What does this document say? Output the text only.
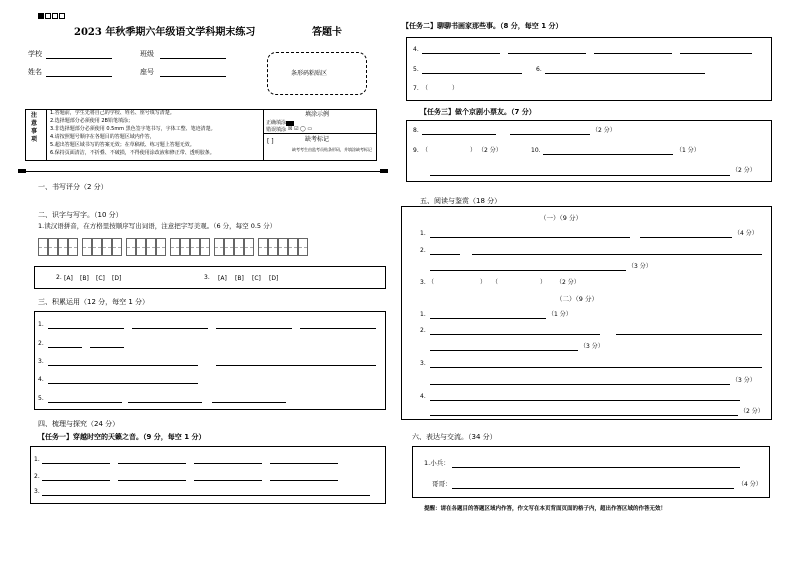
2023 年秋季期六年级语文学科期末练习	答题卡
学校	班级
姓名	座号	条形码粘贴区
注意事项
1.答题前，学生先将自己的学校、姓名、座号填写清楚。
2.选择题部分必须使用 2B铅笔填涂；
3.非选择题部分必须使用 0.5mm 黑色签字笔书写，字体工整、笔迹清楚。
4.请按照题号顺序在各题目的答题区域内作答，
5.超出答题区域书写的答案无效；在草稿纸、练习题上答题无效。
6.保持页面清洁，不折叠、不破损，不得使用涂改液和修正带、透明胶条。
填涂示例
正确填涂
错误填涂 ☒ ☑ ◯ ▭
[ ]	缺考标记
缺考考生由监考员贴条形码，并填涂缺考标记
一、书写评分（2 分）
二、识字与写字。（10 分）
1.读汉语拼音，在方格里按顺序写出词语，注意把字写美观。（6 分，每空 0.5 分）
2. [A] [B] [C] [D]	3. [A] [B] [C] [D]
三、积累运用（12 分，每空 1 分）
1.
2.
3.
4.
5.
四、梳理与探究（24 分）
【任务一】穿越时空的天籁之音。（9 分，每空 1 分）
1.
2.
3.
【任务二】聊聊书画家那些事。（8 分，每空 1 分）
4.
5.	6.
7. （	）
【任务三】做个京剧小票友。（7 分）
8.	（2 分）
9. （	） （2 分）	10.	（1 分）
（2 分）
五、阅读与鉴赏（18 分）
（一）（9 分）
1.	（4 分）
2.
（3 分）
3. （	） （	） （2 分）
（二）（9 分）
1.	（1 分）
2.
（3 分）
3.
（3 分）
4.
（2 分）
六、表达与交流。（34 分）
1.小兵：
哥哥：	（4 分）
提醒：请在各题目的答题区域内作答，作文写在本页背面页面的格子内，超出作答区域的作答无效！
